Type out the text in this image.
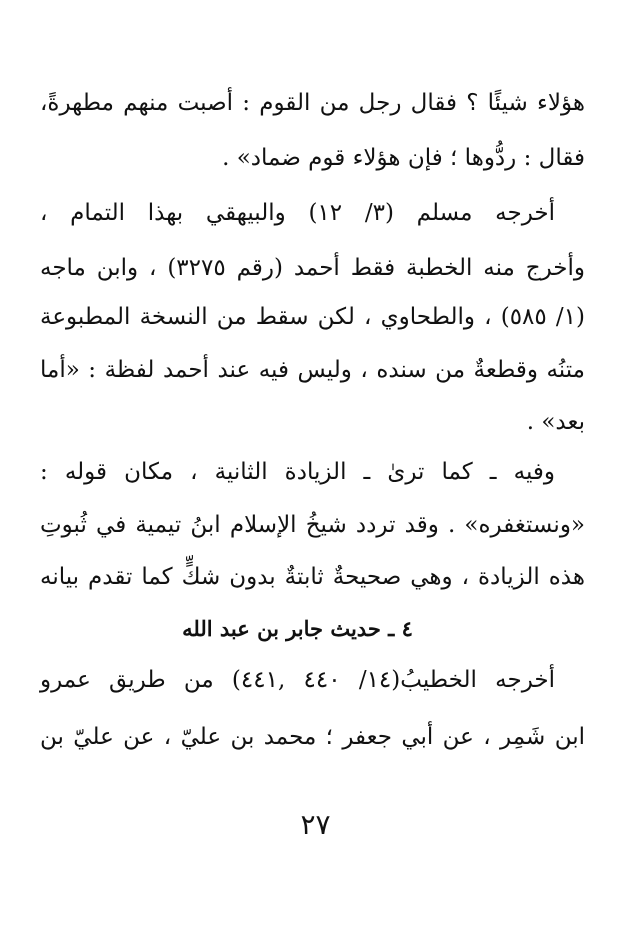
هؤلاء شيئًا ؟ فقال رجل من القوم : أصبت منهم مطهرةً،
فقال : ردُّوها ؛ فإن هؤلاء قوم ضماد» .
أخرجه مسلم (٣/ ١٢) والبيهقي بهذا التمام ،
وأخرج منه الخطبة فقط أحمد (رقم ٣٢٧٥) ، وابن ماجه
(١/ ٥٨٥) ، والطحاوي ، لكن سقط من النسخة المطبوعة
متنُه وقطعةٌ من سنده ، وليس فيه عند أحمد لفظة : «أما
بعد» .
وفيه ـ كما ترىٰ ـ الزيادة الثانية ، مكان قوله :
«ونستغفره» . وقد تردد شيخُ الإسلام ابنُ تيمية في ثُبوتِ
هذه الزيادة ، وهي صحيحةٌ ثابتةٌ بدون شكٍّ كما تقدم بيانه
٤ ـ حديث جابر بن عبد الله
أخرجه الخطيبُ(١٤/ ٤٤٠ ,٤٤١) من طريق عمرو
ابن شَمِر ، عن أبي جعفر ؛ محمد بن عليّ ، عن عليّ بن
٢٧
